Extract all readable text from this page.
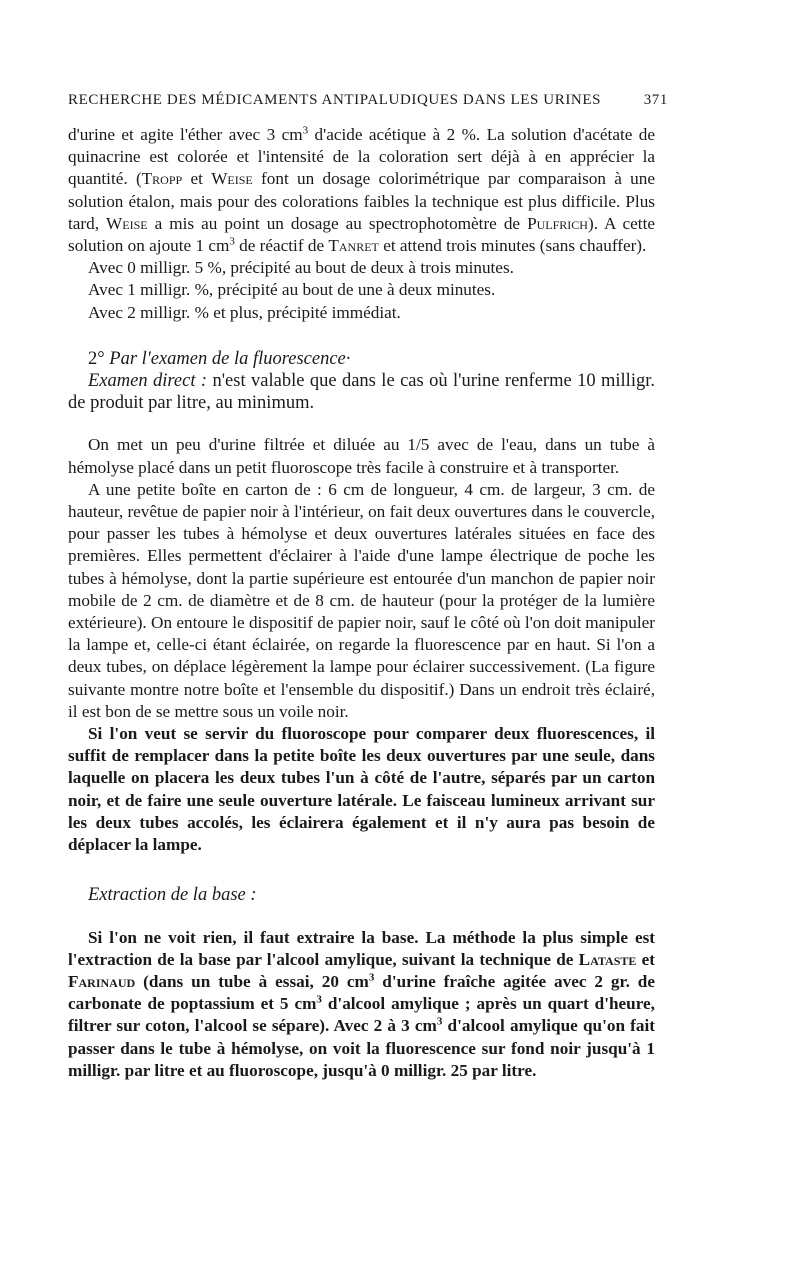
RECHERCHE DES MÉDICAMENTS ANTIPALUDIQUES DANS LES URINES	371

d'urine et agite l'éther avec 3 $cm^3$ d'acide acétique à 2 %. La solution d'acétate de quinacrine est colorée et l'intensité de la coloration sert déjà à en apprécier la quantité. (Tropp et Weise font un dosage colorimétrique par comparaison à une solution étalon, mais pour des colorations faibles la technique est plus difficile. Plus tard, Weise a mis au point un dosage au spectrophotomètre de Pulfrich). A cette solution on ajoute 1 $cm^3$ de réactif de Tanret et attend trois minutes (sans chauffer).

Avec 0 milligr. 5 %, précipité au bout de deux à trois minutes.

Avec 1 milligr. %, précipité au bout de une à deux minutes.

Avec 2 milligr. % et plus, précipité immédiat.

2° Par l'examen de la fluorescence·

Examen direct : n'est valable que dans le cas où l'urine renferme 10 milligr. de produit par litre, au minimum.

On met un peu d'urine filtrée et diluée au 1/5 avec de l'eau, dans un tube à hémolyse placé dans un petit fluoroscope très facile à construire et à transporter.

A une petite boîte en carton de : 6 cm de longueur, 4 cm. de largeur, 3 cm. de hauteur, revêtue de papier noir à l'intérieur, on fait deux ouvertures dans le couvercle, pour passer les tubes à hémolyse et deux ouvertures latérales situées en face des premières. Elles permettent d'éclairer à l'aide d'une lampe électrique de poche les tubes à hémolyse, dont la partie supérieure est entourée d'un manchon de papier noir mobile de 2 cm. de diamètre et de 8 cm. de hauteur (pour la protéger de la lumière extérieure). On entoure le dispositif de papier noir, sauf le côté où l'on doit manipuler la lampe et, celle-ci étant éclairée, on regarde la fluorescence par en haut. Si l'on a deux tubes, on déplace légèrement la lampe pour éclairer successivement. (La figure suivante montre notre boîte et l'ensemble du dispositif.) Dans un endroit très éclairé, il est bon de se mettre sous un voile noir.

Si l'on veut se servir du fluoroscope pour comparer deux fluorescences, il suffit de remplacer dans la petite boîte les deux ouvertures par une seule, dans laquelle on placera les deux tubes l'un à côté de l'autre, séparés par un carton noir, et de faire une seule ouverture latérale. Le faisceau lumineux arrivant sur les deux tubes accolés, les éclairera également et il n'y aura pas besoin de déplacer la lampe.

Extraction de la base :

Si l'on ne voit rien, il faut extraire la base. La méthode la plus simple est l'extraction de la base par l'alcool amylique, suivant la technique de Lataste et Farinaud (dans un tube à essai, 20 $cm^3$ d'urine fraîche agitée avec 2 gr. de carbonate de poptassium et 5 $cm^3$ d'alcool amylique ; après un quart d'heure, filtrer sur coton, l'alcool se sépare). Avec 2 à 3 $cm^3$ d'alcool amylique qu'on fait passer dans le tube à hémolyse, on voit la fluorescence sur fond noir jusqu'à 1 milligr. par litre et au fluoroscope, jusqu'à 0 milligr. 25 par litre.
